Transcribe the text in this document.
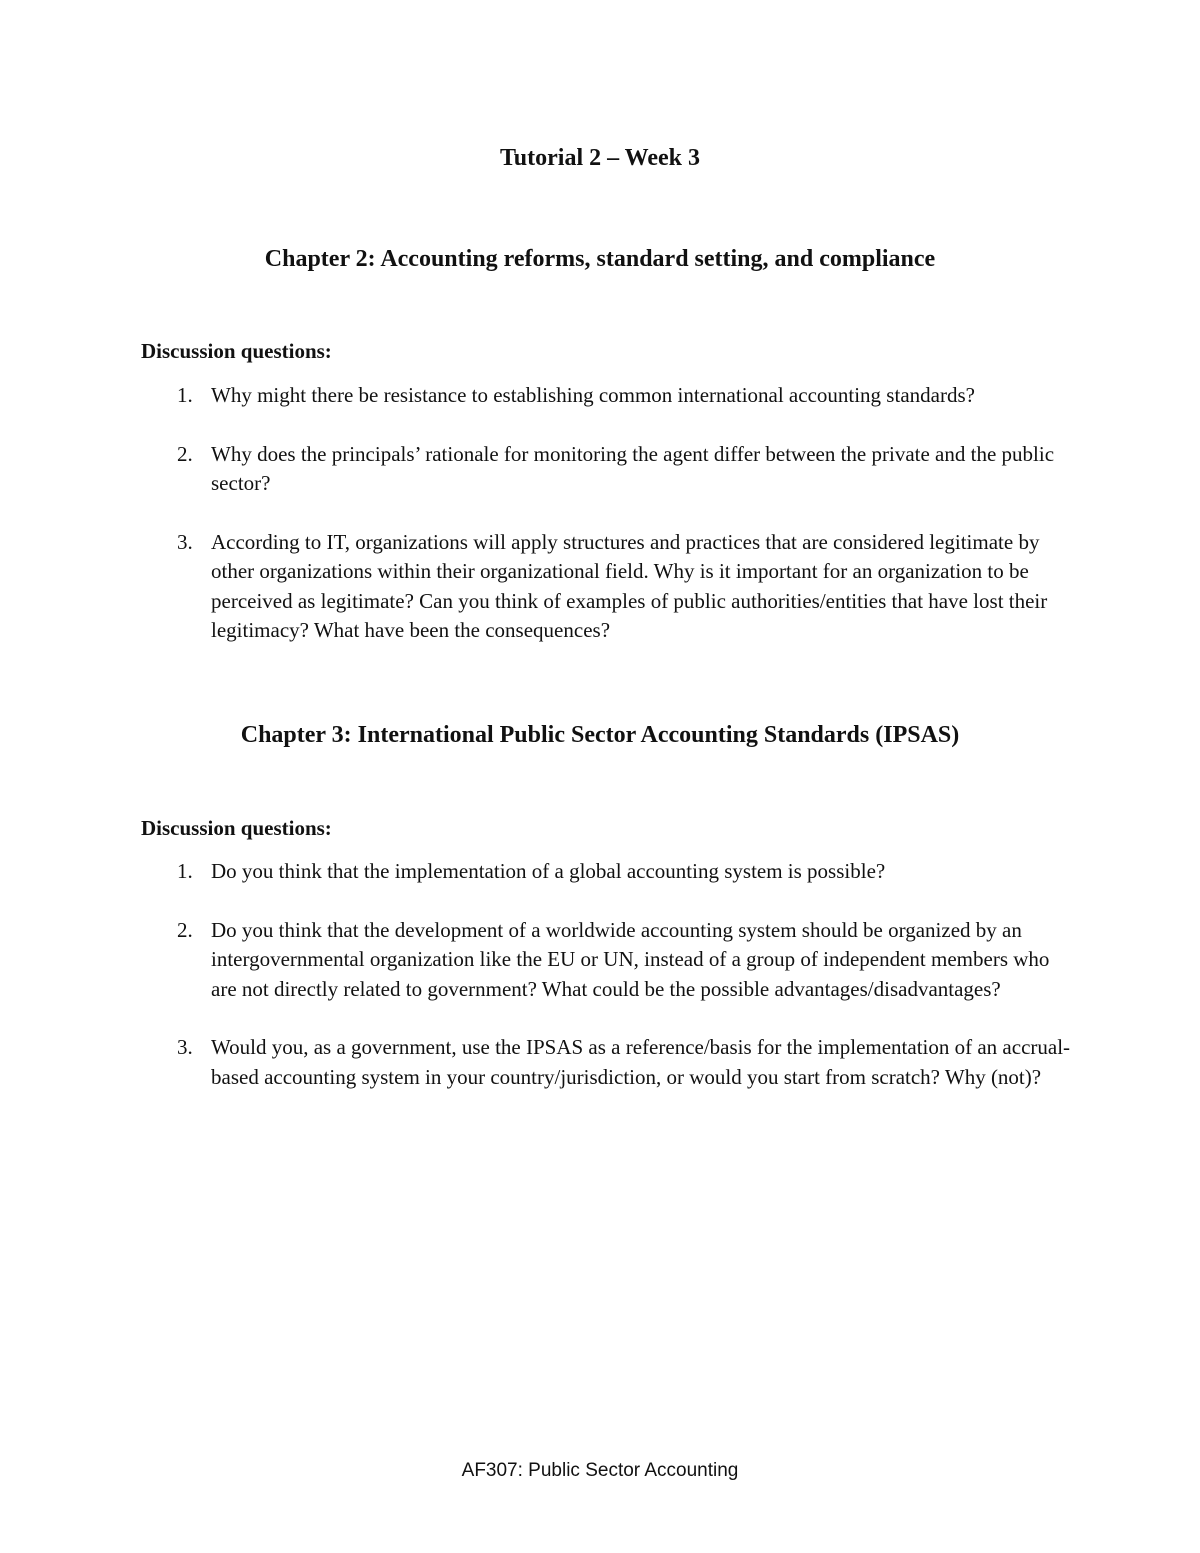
Tutorial 2 – Week 3
Chapter 2: Accounting reforms, standard setting, and compliance
Discussion questions:
1. Why might there be resistance to establishing common international accounting standards?
2. Why does the principals’ rationale for monitoring the agent differ between the private and the public sector?
3. According to IT, organizations will apply structures and practices that are considered legitimate by other organizations within their organizational field. Why is it important for an organization to be perceived as legitimate? Can you think of examples of public authorities/entities that have lost their legitimacy? What have been the consequences?
Chapter 3: International Public Sector Accounting Standards (IPSAS)
Discussion questions:
1. Do you think that the implementation of a global accounting system is possible?
2. Do you think that the development of a worldwide accounting system should be organized by an intergovernmental organization like the EU or UN, instead of a group of independent members who are not directly related to government? What could be the possible advantages/disadvantages?
3. Would you, as a government, use the IPSAS as a reference/basis for the implementation of an accrual-based accounting system in your country/jurisdiction, or would you start from scratch? Why (not)?
AF307: Public Sector Accounting
